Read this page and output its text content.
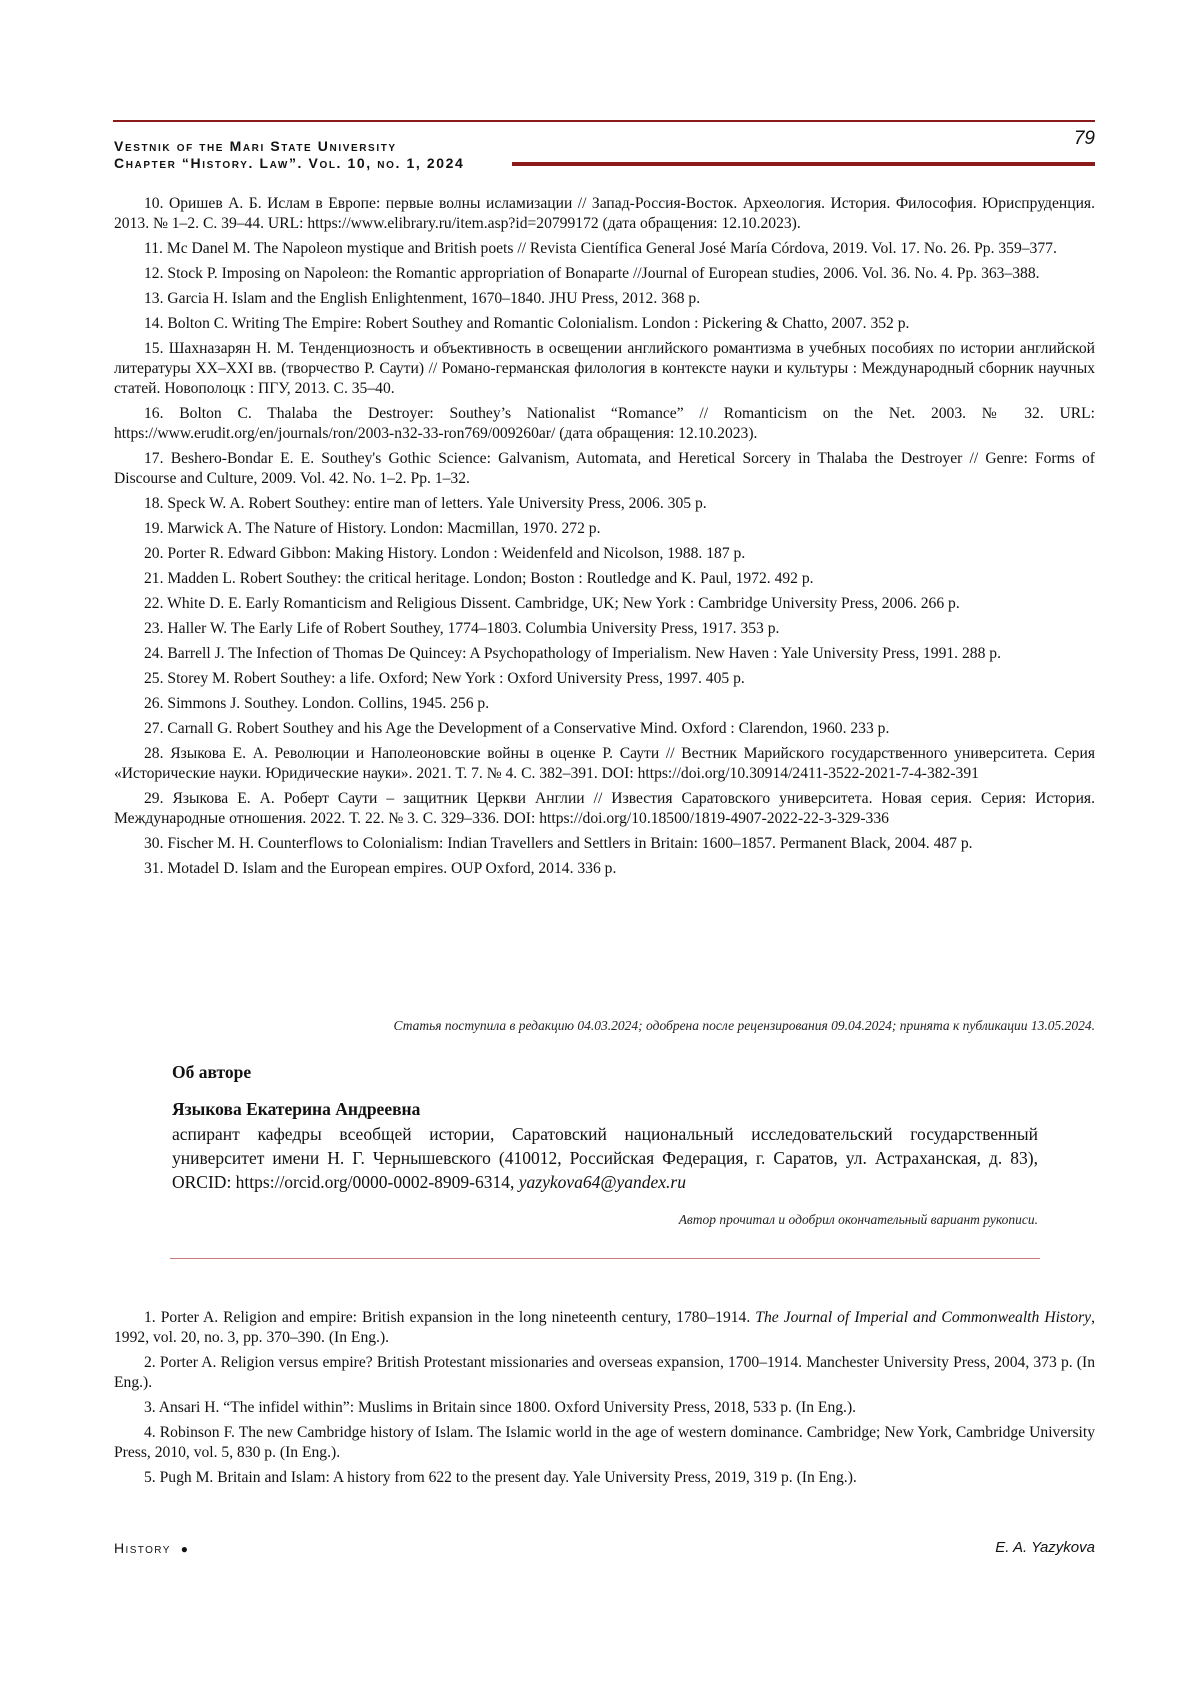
Vestnik of the Mari State University
Chapter “History. Law”. Vol. 10, no. 1, 2024
79

10. Оришев А. Б. Ислам в Европе: первые волны исламизации // Запад-Россия-Восток. Археология. История. Философия. Юриспруденция. 2013. № 1–2. С. 39–44. URL: https://www.elibrary.ru/item.asp?id=20799172 (дата обращения: 12.10.2023).

11. Mc Danel M. The Napoleon mystique and British poets // Revista Científica General José María Córdova, 2019. Vol. 17. No. 26. Pp. 359–377.

12. Stock P. Imposing on Napoleon: the Romantic appropriation of Bonaparte //Journal of European studies, 2006. Vol. 36. No. 4. Pp. 363–388.

13. Garcia H. Islam and the English Enlightenment, 1670–1840. JHU Press, 2012. 368 p.

14. Bolton C. Writing The Empire: Robert Southey and Romantic Colonialism. London : Pickering & Chatto, 2007. 352 p.

15. Шахназарян Н. М. Тенденциозность и объективность в освещении английского романтизма в учебных пособиях по истории английской литературы XX–XXI вв. (творчество Р. Саути) // Романо-германская филология в контексте науки и культуры : Международный сборник научных статей. Новополоцк : ПГУ, 2013. С. 35–40.

16. Bolton C. Thalaba the Destroyer: Southey’s Nationalist “Romance” // Romanticism on the Net. 2003. № 32. URL: https://www.erudit.org/en/journals/ron/2003-n32-33-ron769/009260ar/ (дата обращения: 12.10.2023).

17. Beshero-Bondar E. E. Southey's Gothic Science: Galvanism, Automata, and Heretical Sorcery in Thalaba the Destroyer // Genre: Forms of Discourse and Culture, 2009. Vol. 42. No. 1–2. Pp. 1–32.

18. Speck W. A. Robert Southey: entire man of letters. Yale University Press, 2006. 305 p.

19. Marwick A. The Nature of History. London: Macmillan, 1970. 272 p.

20. Porter R. Edward Gibbon: Making History. London : Weidenfeld and Nicolson, 1988. 187 p.

21. Madden L. Robert Southey: the critical heritage. London; Boston : Routledge and K. Paul, 1972. 492 p.

22. White D. E. Early Romanticism and Religious Dissent. Cambridge, UK; New York : Cambridge University Press, 2006. 266 p.

23. Haller W. The Early Life of Robert Southey, 1774–1803. Columbia University Press, 1917. 353 p.

24. Barrell J. The Infection of Thomas De Quincey: A Psychopathology of Imperialism. New Haven : Yale University Press, 1991. 288 p.

25. Storey M. Robert Southey: a life. Oxford; New York : Oxford University Press, 1997. 405 p.

26. Simmons J. Southey. London. Collins, 1945. 256 p.

27. Carnall G. Robert Southey and his Age the Development of a Conservative Mind. Oxford : Clarendon, 1960. 233 p.

28. Языкова Е. А. Революции и Наполеоновские войны в оценке Р. Саути // Вестник Марийского государственного университета. Серия «Исторические науки. Юридические науки». 2021. Т. 7. № 4. С. 382–391. DOI: https://doi.org/10.30914/2411-3522-2021-7-4-382-391

29. Языкова Е. А. Роберт Саути – защитник Церкви Англии // Известия Саратовского университета. Новая серия. Серия: История. Международные отношения. 2022. Т. 22. № 3. С. 329–336. DOI: https://doi.org/10.18500/1819-4907-2022-22-3-329-336

30. Fischer M. H. Counterflows to Colonialism: Indian Travellers and Settlers in Britain: 1600–1857. Permanent Black, 2004. 487 p.

31. Motadel D. Islam and the European empires. OUP Oxford, 2014. 336 p.

Статья поступила в редакцию 04.03.2024; одобрена после рецензирования 09.04.2024; принята к публикации 13.05.2024.
Об авторе
Языкова Екатерина Андреевна

аспирант кафедры всеобщей истории, Саратовский национальный исследовательский государственный университет имени Н. Г. Чернышевского (410012, Российская Федерация, г. Саратов, ул. Астраханская, д. 83), ORCID: https://orcid.org/0000-0002-8909-6314, yazykova64@yandex.ru

Автор прочитал и одобрил окончательный вариант рукописи.

1. Porter A. Religion and empire: British expansion in the long nineteenth century, 1780–1914. The Journal of Imperial and Commonwealth History, 1992, vol. 20, no. 3, pp. 370–390. (In Eng.).

2. Porter A. Religion versus empire? British Protestant missionaries and overseas expansion, 1700–1914. Manchester University Press, 2004, 373 p. (In Eng.).

3. Ansari H. “The infidel within”: Muslims in Britain since 1800. Oxford University Press, 2018, 533 p. (In Eng.).

4. Robinson F. The new Cambridge history of Islam. The Islamic world in the age of western dominance. Cambridge; New York, Cambridge University Press, 2010, vol. 5, 830 p. (In Eng.).

5. Pugh M. Britain and Islam: A history from 622 to the present day. Yale University Press, 2019, 319 p. (In Eng.).

History ●	E. A. Yazykova
